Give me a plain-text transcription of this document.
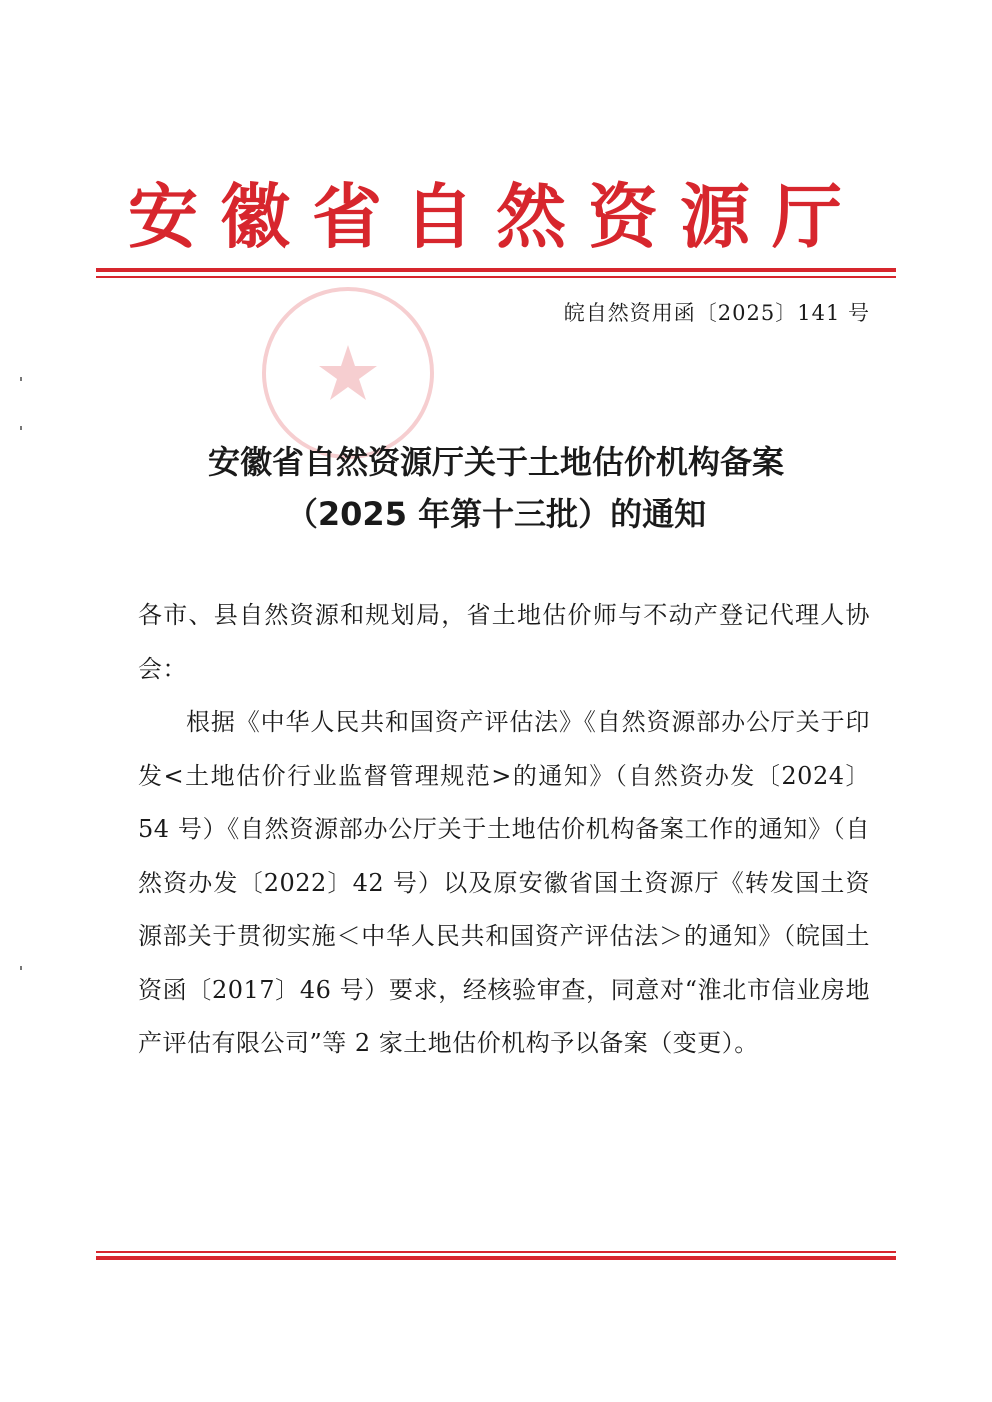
安徽省自然资源厅
皖自然资用函〔2025〕141 号
安徽省自然资源厅关于土地估价机构备案
（2025 年第十三批）的通知

各市、县自然资源和规划局，省土地估价师与不动产登记代理人协会：

根据《中华人民共和国资产评估法》《自然资源部办公厅关于印发<土地估价行业监督管理规范>的通知》（自然资办发〔2024〕54 号）《自然资源部办公厅关于土地估价机构备案工作的通知》（自然资办发〔2022〕42 号）以及原安徽省国土资源厅《转发国土资源部关于贯彻实施＜中华人民共和国资产评估法＞的通知》（皖国土资函〔2017〕46 号）要求，经核验审查，同意对“淮北市信业房地产评估有限公司”等 2 家土地估价机构予以备案（变更）。
